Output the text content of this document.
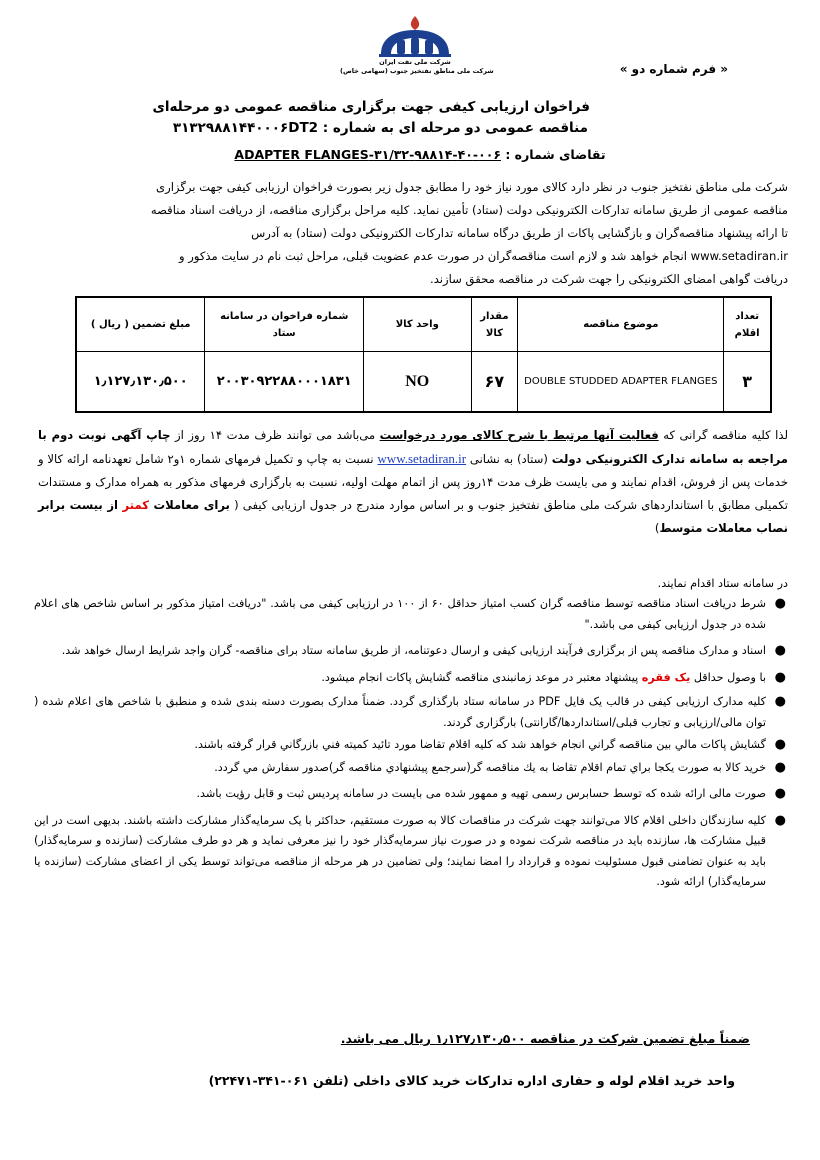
شرکت ملی نفت ایران
شرکت ملی مناطق نفتخیز جنوب (سهامی خاص)	« فرم شماره دو »
فراخوان ارزیابی کیفی جهت برگزاری مناقصه عمومی دو مرحله‌ای
مناقصه عمومی دو مرحله ای به شماره : ۳۱۳۲۹۸۸۱۴۴۰۰۰۶DT2
تقاضای شماره : ۰۰۶-۴۰-۹۸۸۱۴-۳۱/۳۲-ADAPTER FLANGES
شرکت ملی مناطق نفتخیز جنوب در نظر دارد کالای مورد نیاز خود را مطابق جدول زیر بصورت فراخوان ارزیابی کیفی جهت برگزاری
مناقصه عمومی از طریق سامانه تدارکات الکترونیکی دولت (ستاد) تأمین نماید. کلیه مراحل برگزاری مناقصه، از دریافت اسناد مناقصه
تا ارائه پیشنهاد مناقصه‌گران و بازگشایی پاکات از طریق درگاه سامانه تدارکات الکترونیکی دولت (ستاد) به آدرس
www.setadiran.ir انجام خواهد شد و لازم است مناقصه‌گران در صورت عدم عضویت قبلی، مراحل ثبت نام در سایت مذکور و
دریافت گواهی امضای الکترونیکی را جهت شرکت در مناقصه محقق سازند.
تعداد اقلام	موضوع مناقصه	مقدار کالا	واحد کالا	شماره فراخوان در سامانه ستاد	مبلغ تضمین ( ریال )
۳	DOUBLE STUDDED ADAPTER FLANGES	۶۷	NO	۲۰۰۳۰۹۲۲۸۸۰۰۰۱۸۳۱	۱٫۱۲۷٫۱۳۰٫۵۰۰
لذا کلیه مناقصه گرانی که فعالیت آنها مرتبط با شرح کالای مورد درخواست می‌باشد می توانند ظرف مدت ۱۴ روز از چاپ آگهی نوبت دوم با مراجعه به سامانه تدارک الکترونیکی دولت (ستاد) به نشانی www.setadiran.ir نسبت به چاپ و تکمیل فرمهای شماره ۱و۲ شامل تعهدنامه ارائه کالا و خدمات پس از فروش، اقدام نمایند و می بایست ظرف مدت ۱۴روز پس از اتمام مهلت اولیه، نسبت به بارگزاری فرمهای مذکور به همراه مدارک و مستندات تکمیلی مطابق با استانداردهای شرکت ملی مناطق نفتخیز جنوب و بر اساس موارد مندرج در جدول ارزیابی کیفی ( برای معاملات کمتر از بیست برابر نصاب معاملات متوسط)
در سامانه ستاد اقدام نمایند.
●
شرط دریافت اسناد مناقصه توسط مناقصه گران کسب امتیاز حداقل ۶۰ از ۱۰۰ در ارزیابی کیفی می باشد. "دریافت امتیاز مذکور بر اساس شاخص های اعلام شده در جدول ارزیابی کیفی می باشد."
●
اسناد و مدارک مناقصه پس از برگزاری فرآیند ارزیابی کیفی و ارسال دعوتنامه، از طریق سامانه ستاد برای مناقصه- گران واجد شرایط ارسال خواهد شد.
●
با وصول حداقل یک فقره پیشنهاد معتبر در موعد زمانبندی مناقصه گشایش پاکات انجام میشود.
●
کلیه مدارک ارزیابی کیفی در قالب یک فایل PDF در سامانه ستاد بارگذاری گردد. ضمناً مدارک بصورت دسته بندی شده و منطبق با شاخص های اعلام شده ( توان مالی/ارزیابی و تجارب قبلی/استانداردها/گارانتی) بارگزاری گردند.
●
گشايش پاكات مالي بين مناقصه گراني انجام خواهد شد كه كليه اقلام تقاضا مورد تائيد كميته فني بازرگاني قرار گرفته باشند.
●
خريد كالا به صورت يكجا براي تمام اقلام تقاضا به يك مناقصه گر(سرجمع پيشنهادي مناقصه گر)صدور سفارش مي گردد.
●
صورت مالی ارائه شده که توسط حسابرس رسمی تهیه و ممهور شده می بایست در سامانه پردیس ثبت و قابل رؤیت باشد.
●
کلیه سازندگان داخلی اقلام کالا می‌توانند جهت شرکت در مناقصات کالا به صورت مستقیم، حداکثر با یک سرمایه‌گذار مشارکت داشته باشند. بدیهی است در این قبیل مشارکت ها، سازنده باید در مناقصه شرکت نموده و در صورت نیاز سرمایه‌گذار خود را نیز معرفی نماید و هر دو طرف مشارکت (سازنده و سرمایه‌گذار) باید به عنوان تضامنی قبول مسئولیت نموده و قرارداد را امضا نمایند؛ ولی تضامین در هر مرحله از مناقصه می‌تواند توسط یکی از اعضای مشارکت (سازنده یا سرمایه‌گذار) ارائه شود.
ضمناً مبلغ تضمین شرکت در مناقصه ۱٫۱۲۷٫۱۳۰٫۵۰۰ ریال می باشد.
واحد خرید اقلام لوله و حفاری اداره تدارکات خرید کالای داخلی (تلفن ۰۶۱-۳۴۱-۲۲۴۷۱)
